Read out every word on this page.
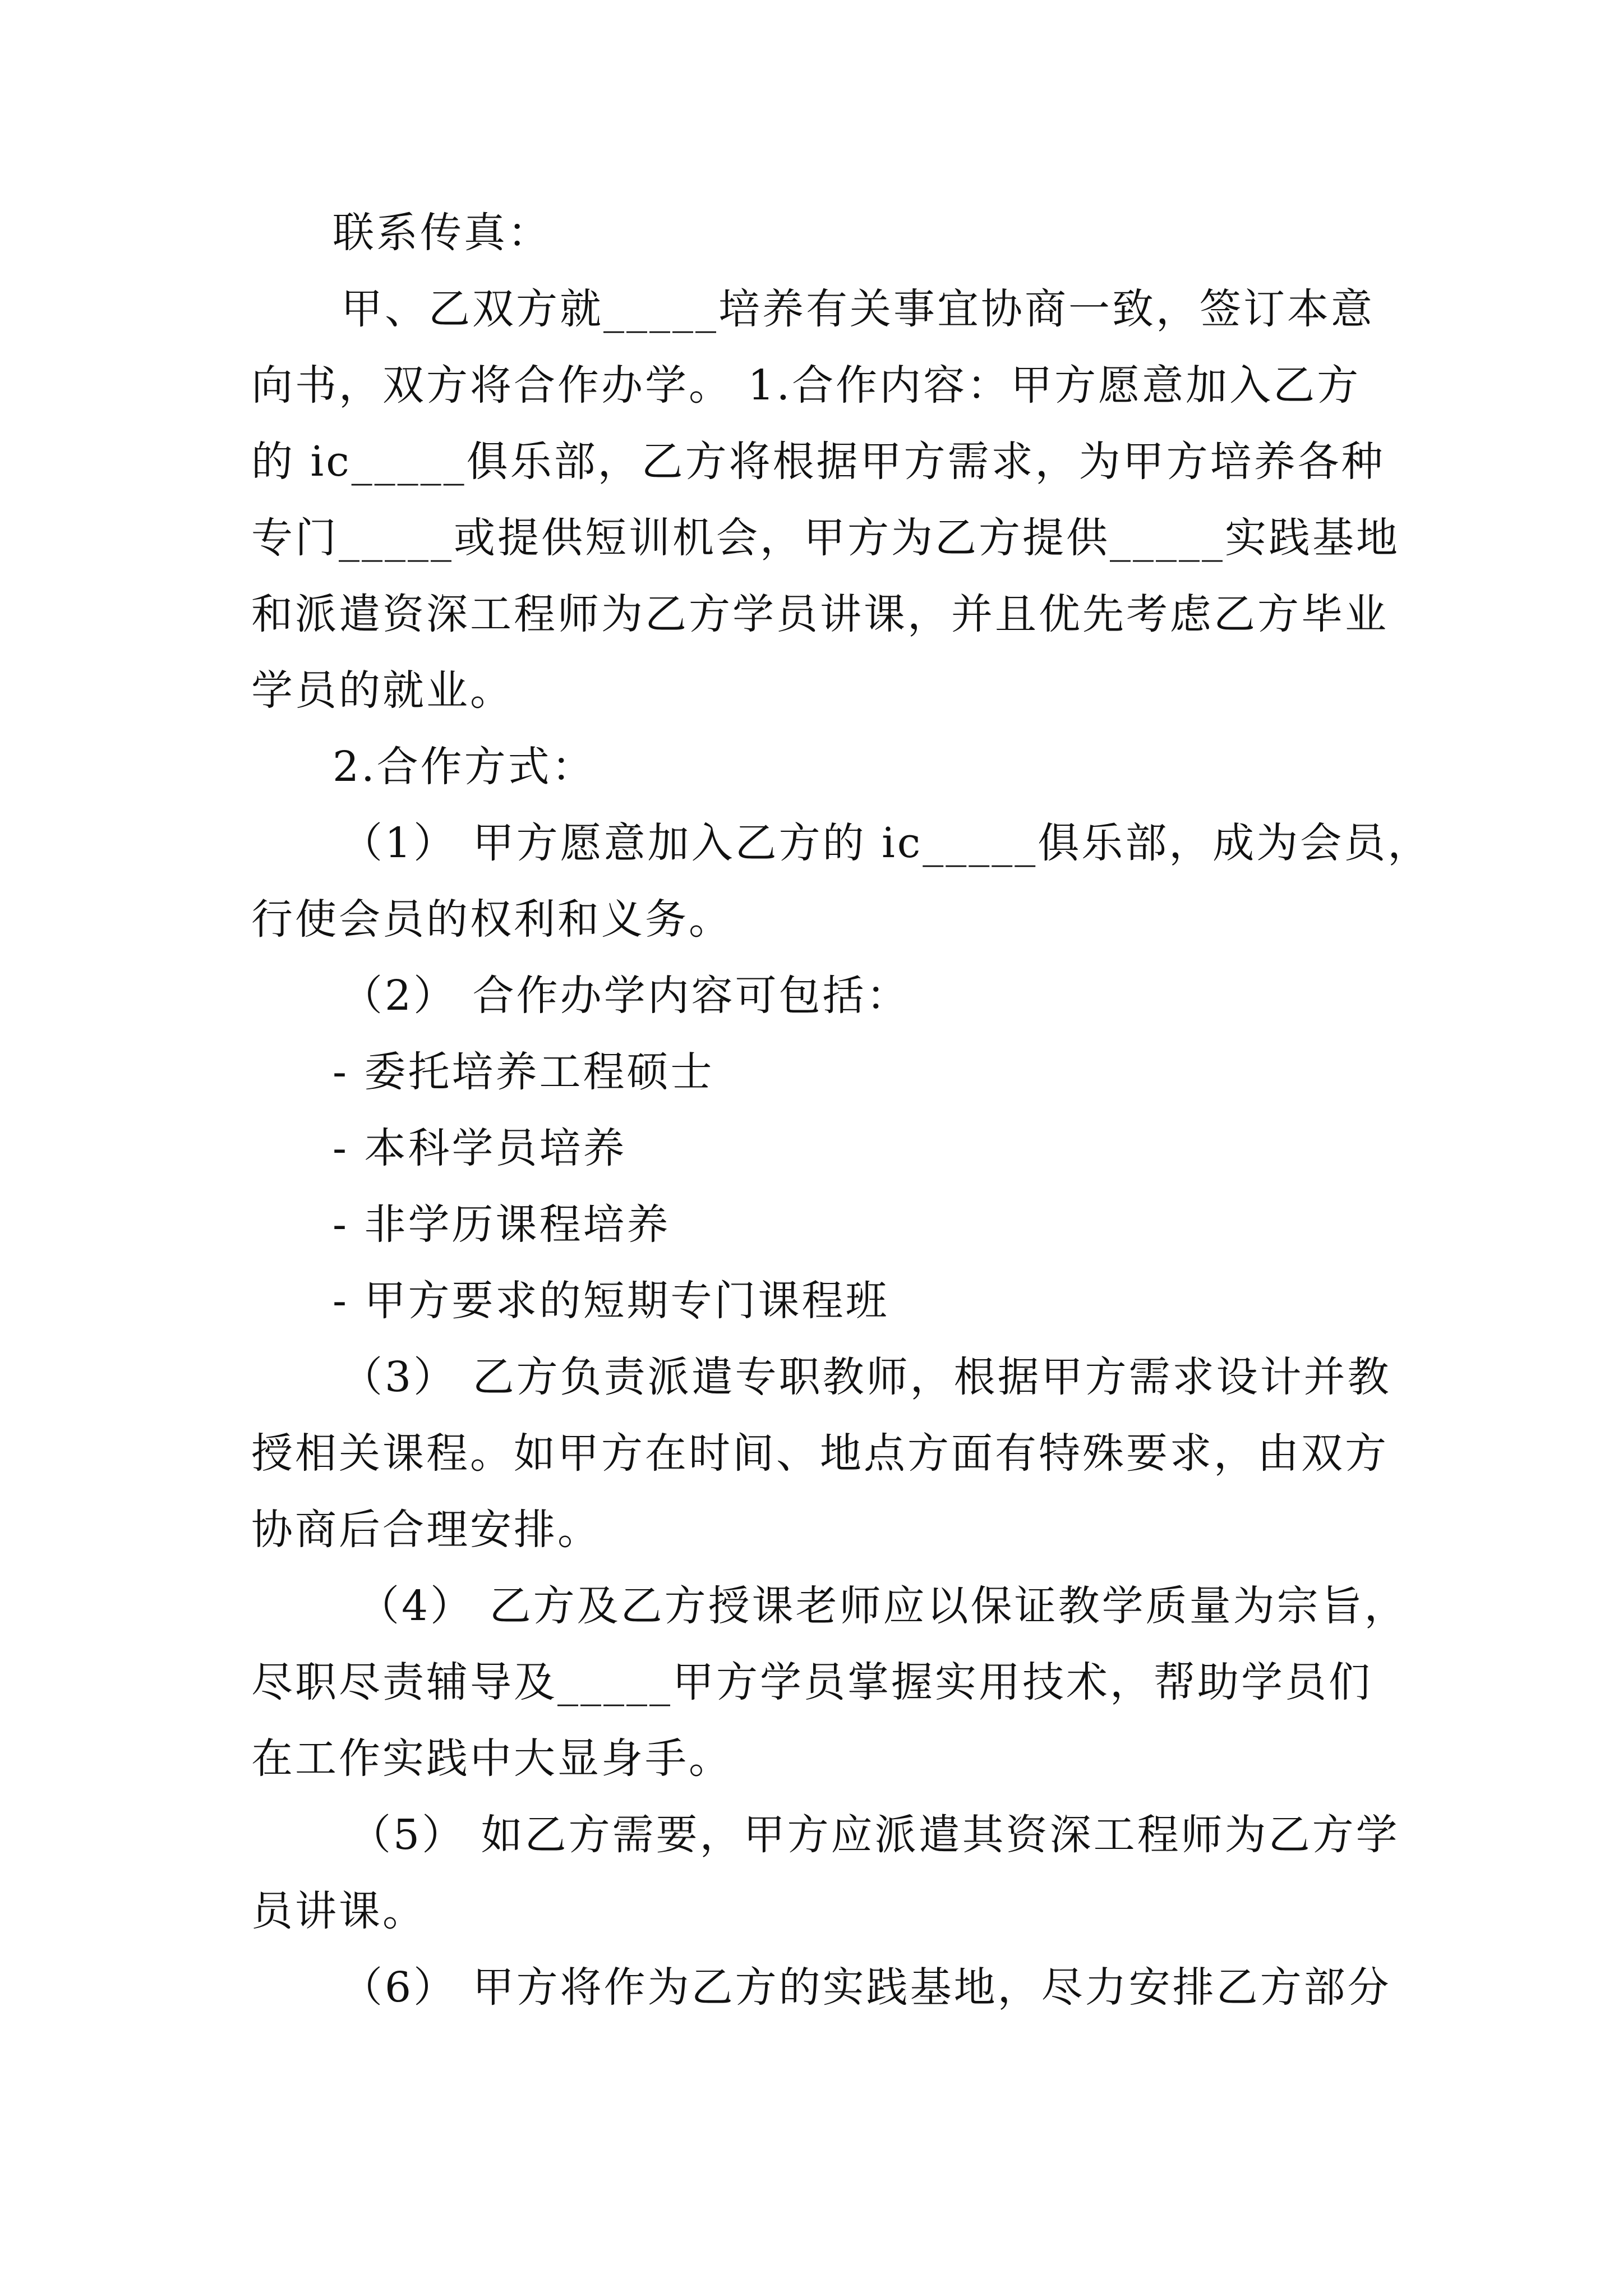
联系传真：
甲、乙双方就_____培养有关事宜协商一致，签订本意
向书，双方将合作办学。 1.合作内容：甲方愿意加入乙方
的 ic_____俱乐部，乙方将根据甲方需求，为甲方培养各种
专门_____或提供短训机会，甲方为乙方提供_____实践基地
和派遣资深工程师为乙方学员讲课，并且优先考虑乙方毕业
学员的就业。
2.合作方式：
（1） 甲方愿意加入乙方的 ic_____俱乐部，成为会员，
行使会员的权利和义务。
（2） 合作办学内容可包括：
- 委托培养工程硕士
- 本科学员培养
- 非学历课程培养
- 甲方要求的短期专门课程班
（3） 乙方负责派遣专职教师，根据甲方需求设计并教
授相关课程。如甲方在时间、地点方面有特殊要求，由双方
协商后合理安排。
（4） 乙方及乙方授课老师应以保证教学质量为宗旨，
尽职尽责辅导及_____甲方学员掌握实用技术，帮助学员们
在工作实践中大显身手。
（5） 如乙方需要，甲方应派遣其资深工程师为乙方学
员讲课。
（6） 甲方将作为乙方的实践基地，尽力安排乙方部分
